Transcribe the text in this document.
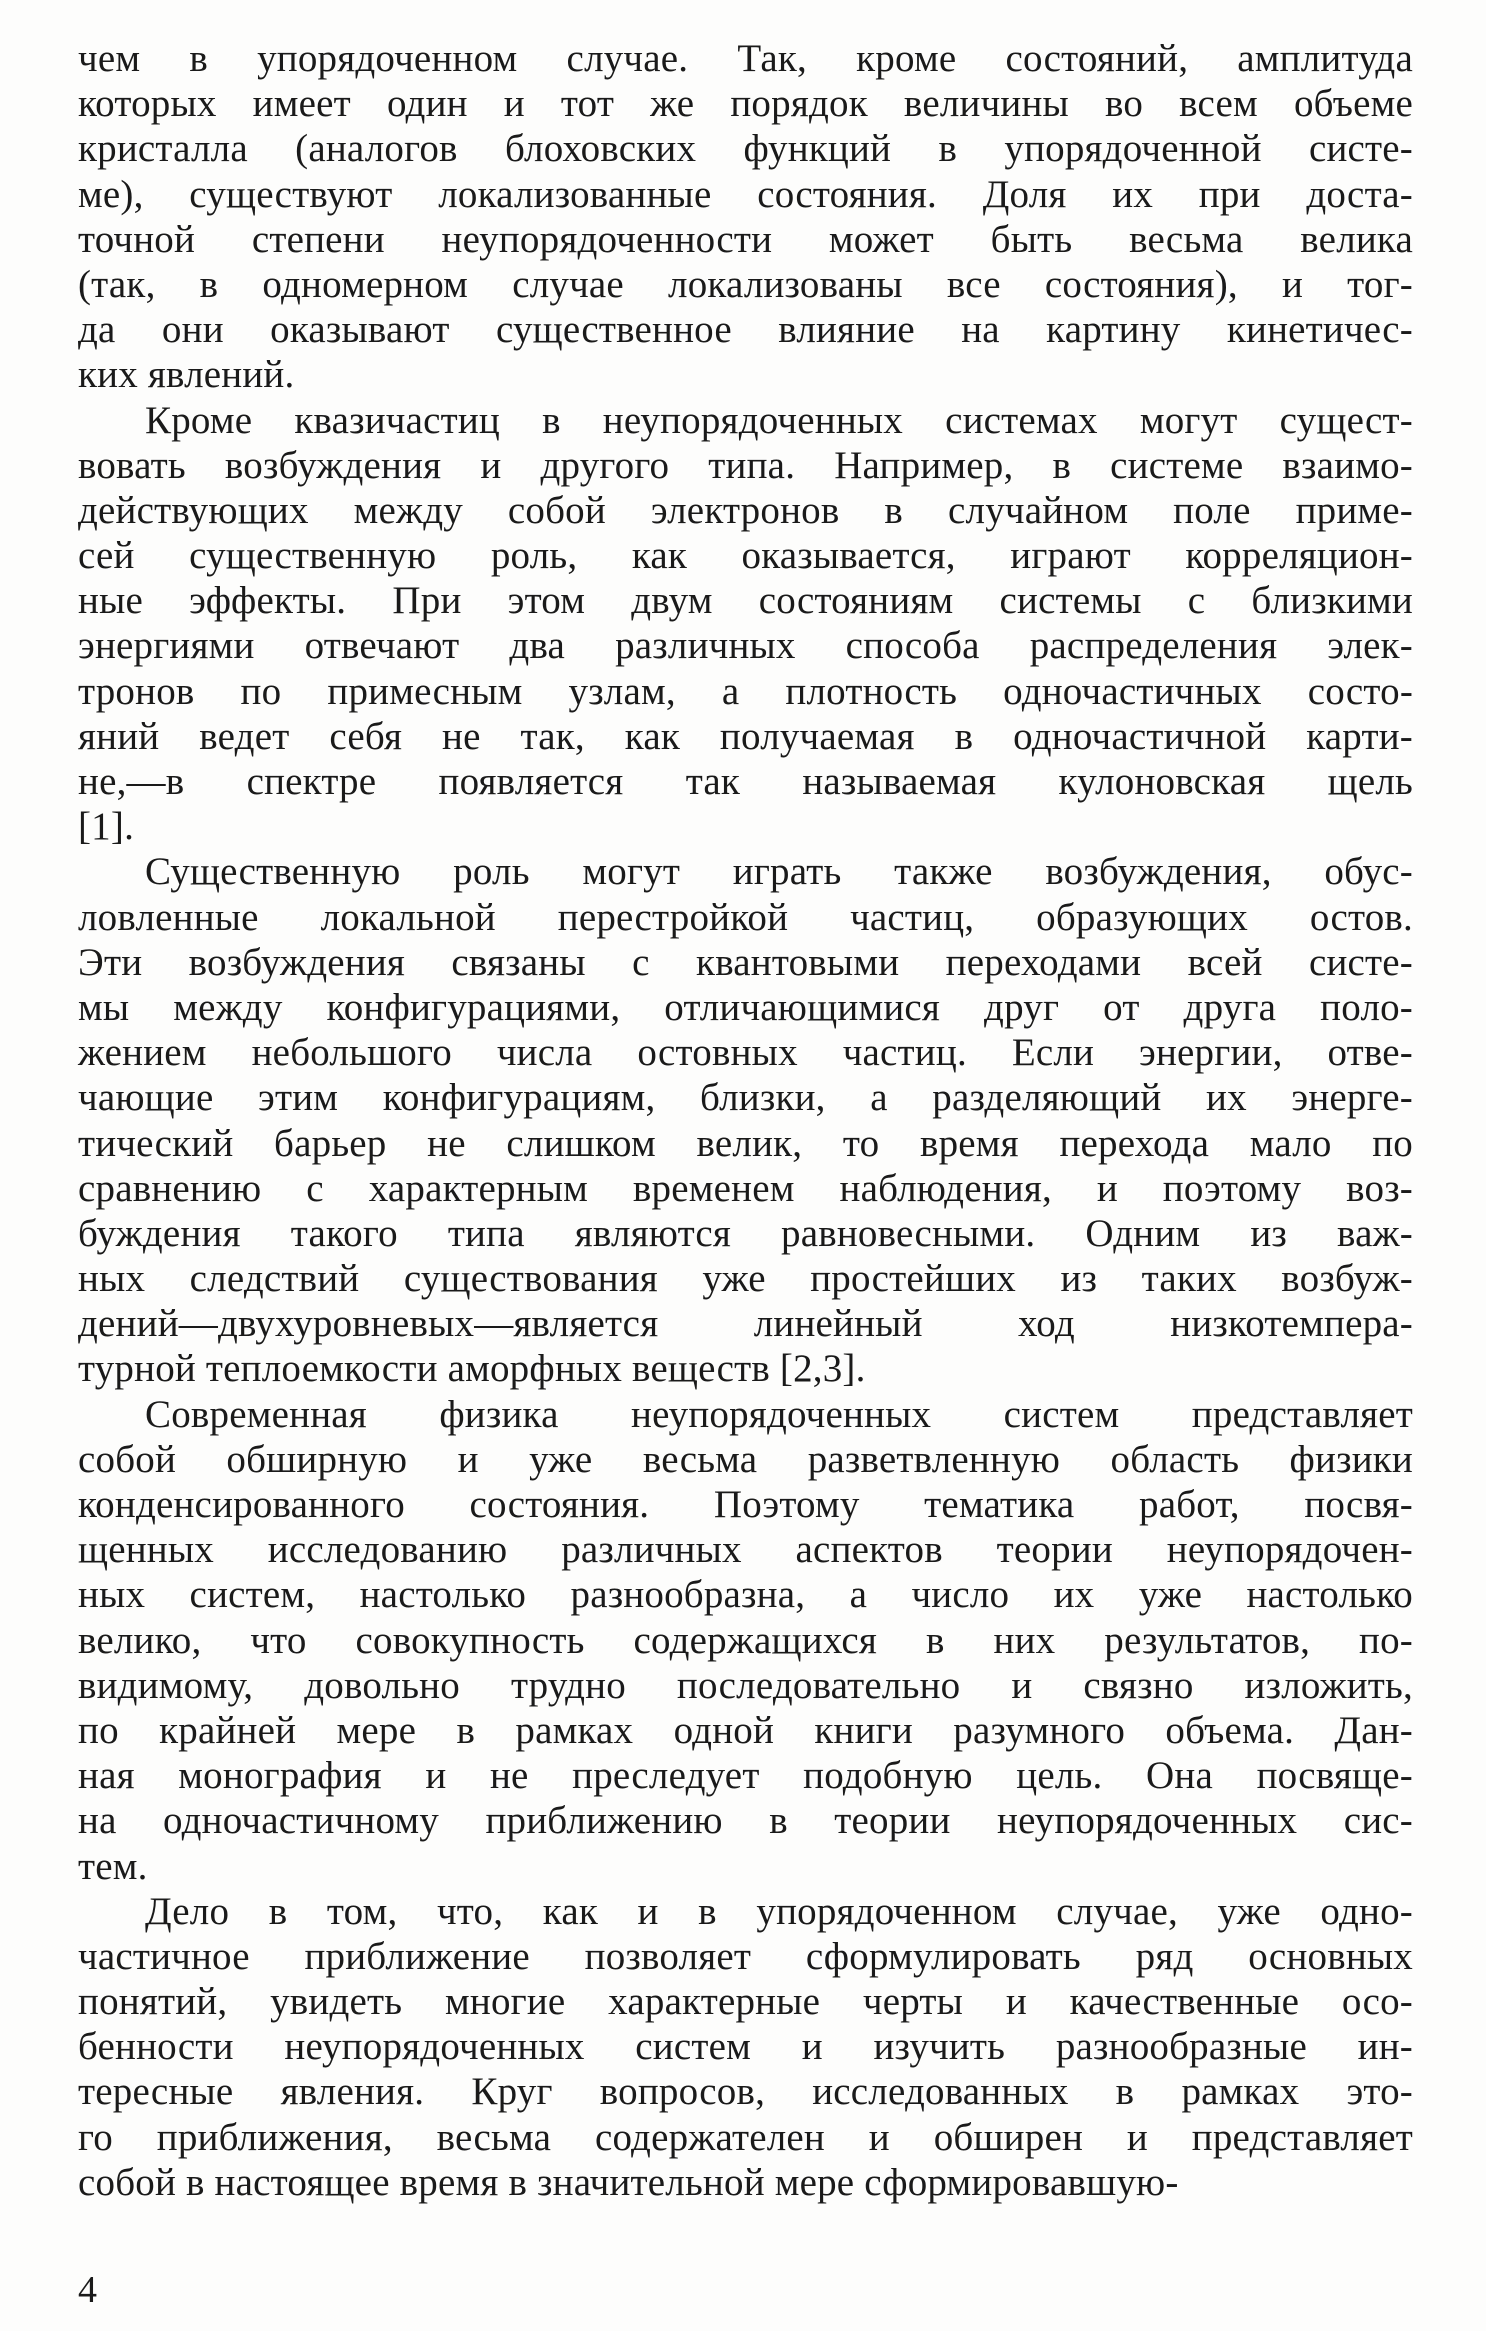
чем в упорядоченном случае. Так, кроме состояний, амплитуда
которых имеет один и тот же порядок величины во всем объеме
кристалла (аналогов блоховских функций в упорядоченной систе-
ме), существуют локализованные состояния. Доля их при доста-
точной степени неупорядоченности может быть весьма велика
(так, в одномерном случае локализованы все состояния), и тог-
да они оказывают существенное влияние на картину кинетичес-
ких явлений.
Кроме квазичастиц в неупорядоченных системах могут сущест-
вовать возбуждения и другого типа. Например, в системе взаимо-
действующих между собой электронов в случайном поле приме-
сей существенную роль, как оказывается, играют корреляцион-
ные эффекты. При этом двум состояниям системы с близкими
энергиями отвечают два различных способа распределения элек-
тронов по примесным узлам, а плотность одночастичных состо-
яний ведет себя не так, как получаемая в одночастичной карти-
не,—в спектре появляется так называемая кулоновская щель
[1].
Существенную роль могут играть также возбуждения, обус-
ловленные локальной перестройкой частиц, образующих остов.
Эти возбуждения связаны с квантовыми переходами всей систе-
мы между конфигурациями, отличающимися друг от друга поло-
жением небольшого числа остовных частиц. Если энергии, отве-
чающие этим конфигурациям, близки, а разделяющий их энерге-
тический барьер не слишком велик, то время перехода мало по
сравнению с характерным временем наблюдения, и поэтому воз-
буждения такого типа являются равновесными. Одним из важ-
ных следствий существования уже простейших из таких возбуж-
дений—двухуровневых—является линейный ход низкотемпера-
турной теплоемкости аморфных веществ [2,3].
Современная физика неупорядоченных систем представляет
собой обширную и уже весьма разветвленную область физики
конденсированного состояния. Поэтому тематика работ, посвя-
щенных исследованию различных аспектов теории неупорядочен-
ных систем, настолько разнообразна, а число их уже настолько
велико, что совокупность содержащихся в них результатов, по-
видимому, довольно трудно последовательно и связно изложить,
по крайней мере в рамках одной книги разумного объема. Дан-
ная монография и не преследует подобную цель. Она посвяще-
на одночастичному приближению в теории неупорядоченных сис-
тем.
Дело в том, что, как и в упорядоченном случае, уже одно-
частичное приближение позволяет сформулировать ряд основных
понятий, увидеть многие характерные черты и качественные осо-
бенности неупорядоченных систем и изучить разнообразные ин-
тересные явления. Круг вопросов, исследованных в рамках это-
го приближения, весьма содержателен и обширен и представляет
собой в настоящее время в значительной мере сформировавшую-
4
